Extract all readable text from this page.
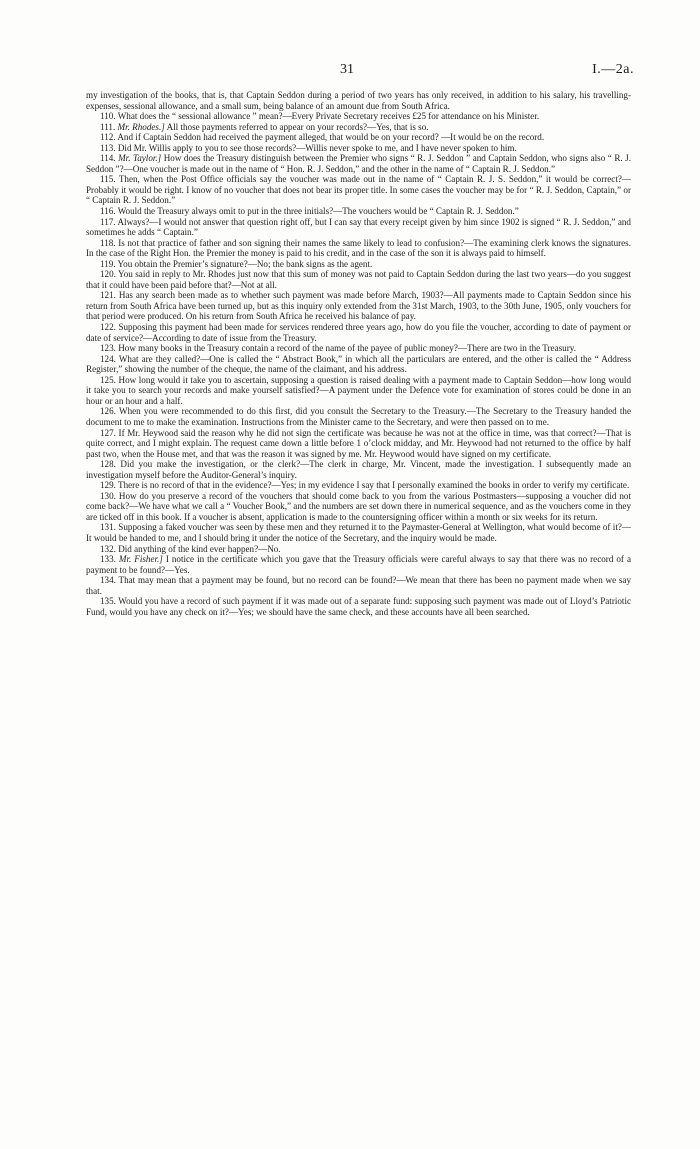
31	I.—2a.

my investigation of the books, that is, that Captain Seddon during a period of two years has only received, in addition to his salary, his travelling-expenses, sessional allowance, and a small sum, being balance of an amount due from South Africa.

110. What does the “ sessional allowance ” mean?—Every Private Secretary receives £25 for attendance on his Minister.

111. Mr. Rhodes.] All those payments referred to appear on your records?—Yes, that is so.

112. And if Captain Seddon had received the payment alleged, that would be on your record? —It would be on the record.

113. Did Mr. Willis apply to you to see those records?—Willis never spoke to me, and I have never spoken to him.

114. Mr. Taylor.] How does the Treasury distinguish between the Premier who signs “ R. J. Seddon ” and Captain Seddon, who signs also “ R. J. Seddon ”?—One voucher is made out in the name of “ Hon. R. J. Seddon,” and the other in the name of “ Captain R. J. Seddon.”

115. Then, when the Post Office officials say the voucher was made out in the name of “ Captain R. J. S. Seddon,” it would be correct?—Probably it would be right. I know of no voucher that does not bear its proper title. In some cases the voucher may be for “ R. J. Seddon, Captain,” or “ Captain R. J. Seddon.”

116. Would the Treasury always omit to put in the three initials?—The vouchers would be “ Captain R. J. Seddon.”

117. Always?—I would not answer that question right off, but I can say that every receipt given by him since 1902 is signed “ R. J. Seddon,” and sometimes he adds “ Captain.”

118. Is not that practice of father and son signing their names the same likely to lead to confusion?—The examining clerk knows the signatures. In the case of the Right Hon. the Premier the money is paid to his credit, and in the case of the son it is always paid to himself.

119. You obtain the Premier’s signature?—No; the bank signs as the agent.

120. You said in reply to Mr. Rhodes just now that this sum of money was not paid to Captain Seddon during the last two years—do you suggest that it could have been paid before that?—Not at all.

121. Has any search been made as to whether such payment was made before March, 1903?—All payments made to Captain Seddon since his return from South Africa have been turned up, but as this inquiry only extended from the 31st March, 1903, to the 30th June, 1905, only vouchers for that period were produced. On his return from South Africa he received his balance of pay.

122. Supposing this payment had been made for services rendered three years ago, how do you file the voucher, according to date of payment or date of service?—According to date of issue from the Treasury.

123. How many books in the Treasury contain a record of the name of the payee of public money?—There are two in the Treasury.

124. What are they called?—One is called the “ Abstract Book,” in which all the particulars are entered, and the other is called the “ Address Register,” showing the number of the cheque, the name of the claimant, and his address.

125. How long would it take you to ascertain, supposing a question is raised dealing with a payment made to Captain Seddon—how long would it take you to search your records and make yourself satisfied?—A payment under the Defence vote for examination of stores could be done in an hour or an hour and a half.

126. When you were recommended to do this first, did you consult the Secretary to the Treasury.—The Secretary to the Treasury handed the document to me to make the examination. Instructions from the Minister came to the Secretary, and were then passed on to me.

127. If Mr. Heywood said the reason why he did not sign the certificate was because he was not at the office in time, was that correct?—That is quite correct, and I might explain. The request came down a little before 1 o’clock midday, and Mr. Heywood had not returned to the office by half past two, when the House met, and that was the reason it was signed by me. Mr. Heywood would have signed on my certificate.

128. Did you make the investigation, or the clerk?—The clerk in charge, Mr. Vincent, made the investigation. I subsequently made an investigation myself before the Auditor-General’s inquiry.

129. There is no record of that in the evidence?—Yes; in my evidence I say that I personally examined the books in order to verify my certificate.

130. How do you preserve a record of the vouchers that should come back to you from the various Postmasters—supposing a voucher did not come back?—We have what we call a “ Voucher Book,” and the numbers are set down there in numerical sequence, and as the vouchers come in they are ticked off in this book. If a voucher is absent, application is made to the countersigning officer within a month or six weeks for its return.

131. Supposing a faked voucher was seen by these men and they returned it to the Paymaster-General at Wellington, what would become of it?—It would be handed to me, and I should bring it under the notice of the Secretary, and the inquiry would be made.

132. Did anything of the kind ever happen?—No.

133. Mr. Fisher.] I notice in the certificate which you gave that the Treasury officials were careful always to say that there was no record of a payment to be found?—Yes.

134. That may mean that a payment may be found, but no record can be found?—We mean that there has been no payment made when we say that.

135. Would you have a record of such payment if it was made out of a separate fund: supposing such payment was made out of Lloyd’s Patriotic Fund, would you have any check on it?—Yes; we should have the same check, and these accounts have all been searched.
